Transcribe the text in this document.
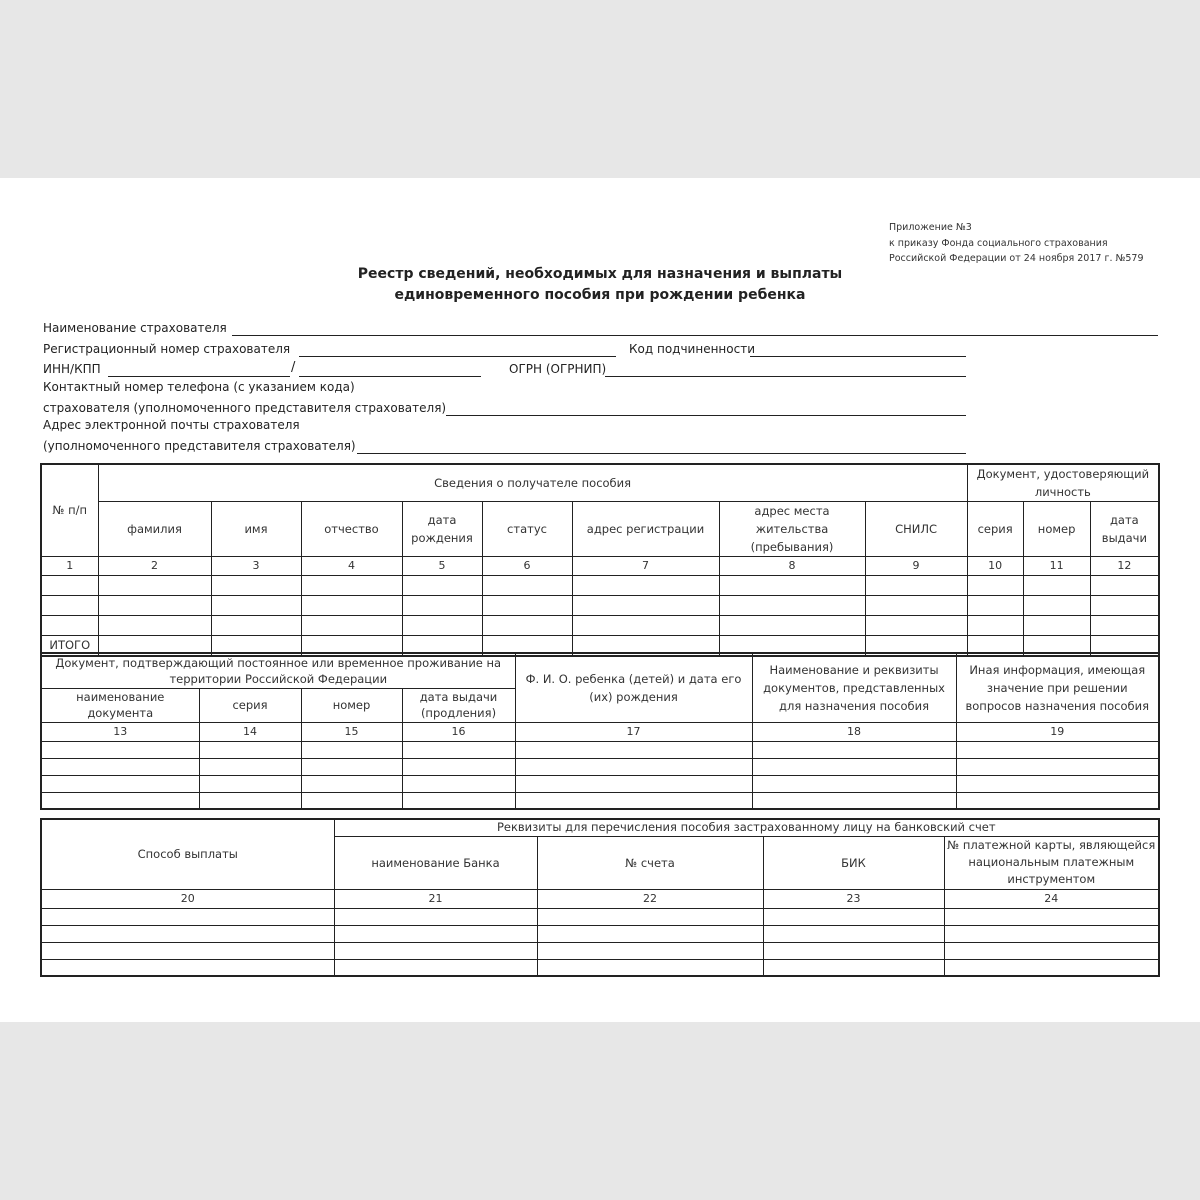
Приложение №3
к приказу Фонда социального страхования
Российской Федерации от 24 ноября 2017 г. №579
Реестр сведений, необходимых для назначения и выплаты
единовременного пособия при рождении ребенка
Наименование страхователя
Регистрационный номер страхователя	Код подчиненности
ИНН/КПП	/	ОГРН (ОГРНИП)
Контактный номер телефона (с указанием кода)
страхователя (уполномоченного представителя страхователя)
Адрес электронной почты страхователя
(уполномоченного представителя страхователя)
№ п/п	Сведения о получателе пособия								Документ, удостоверяющий личность		
	фамилия	имя	отчество	дата рождения	статус	адрес регистрации	адрес места жительства (пребывания)	СНИЛС	серия	номер	дата выдачи
1	2	3	4	5	6	7	8	9	10	11	12

ИТОГО											
Документ, подтверждающий постоянное или временное проживание на территории Российской Федерации				Ф. И. О. ребенка (детей) и дата его (их) рождения	Наименование и реквизиты документов, представленных для назначения пособия	Иная информация, имеющая значение при решении вопросов назначения пособия
наименование документа	серия	номер	дата выдачи (продления)			
13	14	15	16	17	18	19

Способ выплаты	Реквизиты для перечисления пособия застрахованному лицу на банковский счет			
	наименование Банка	№ счета	БИК	№ платежной карты, являющейся национальным платежным инструментом
20	21	22	23	24
